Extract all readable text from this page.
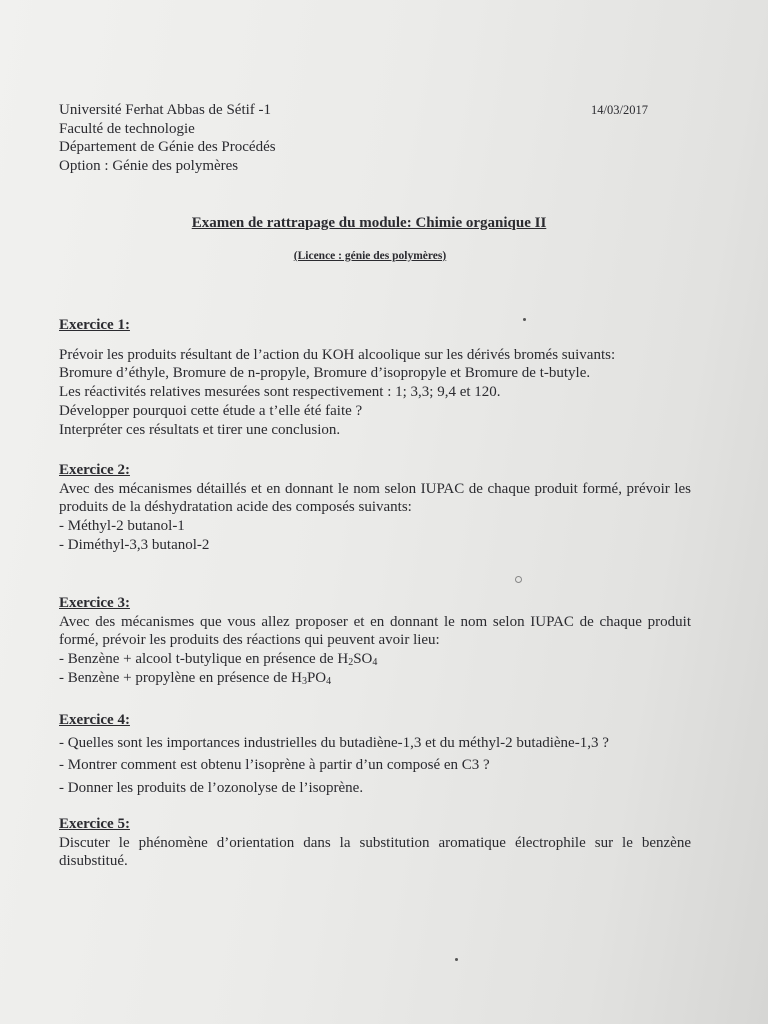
Université Ferhat Abbas de Sétif -1
Faculté de technologie
Département de Génie des Procédés
Option : Génie des polymères
14/03/2017
Examen de rattrapage du module: Chimie organique II
(Licence : génie des polymères)
Exercice 1:
Prévoir les produits résultant de l’action du KOH alcoolique sur les dérivés bromés suivants:
Bromure d’éthyle, Bromure de n-propyle, Bromure d’isopropyle et Bromure de t-butyle.
Les réactivités relatives mesurées sont respectivement : 1; 3,3; 9,4 et 120.
Développer pourquoi cette étude a t’elle été faite ?
Interpréter ces résultats et tirer une conclusion.
Exercice 2:

Avec des mécanismes détaillés et en donnant le nom selon IUPAC de chaque produit formé, prévoir les produits de la déshydratation acide des composés suivants:

- Méthyl-2 butanol-1
- Diméthyl-3,3 butanol-2
Exercice 3:

Avec des mécanismes que vous allez proposer et en donnant le nom selon IUPAC de chaque produit formé, prévoir les produits des réactions qui peuvent avoir lieu:

- Benzène + alcool t-butylique en présence de $H_2SO_4$
- Benzène + propylène en présence de $H_3PO_4$
Exercice 4:
- Quelles sont les importances industrielles du butadiène-1,3 et du méthyl-2 butadiène-1,3 ?
- Montrer comment est obtenu l’isoprène à partir d’un composé en C3 ?
- Donner les produits de l’ozonolyse de l’isoprène.
Exercice 5:

Discuter le phénomène d’orientation dans la substitution aromatique électrophile sur le benzène disubstitué.
